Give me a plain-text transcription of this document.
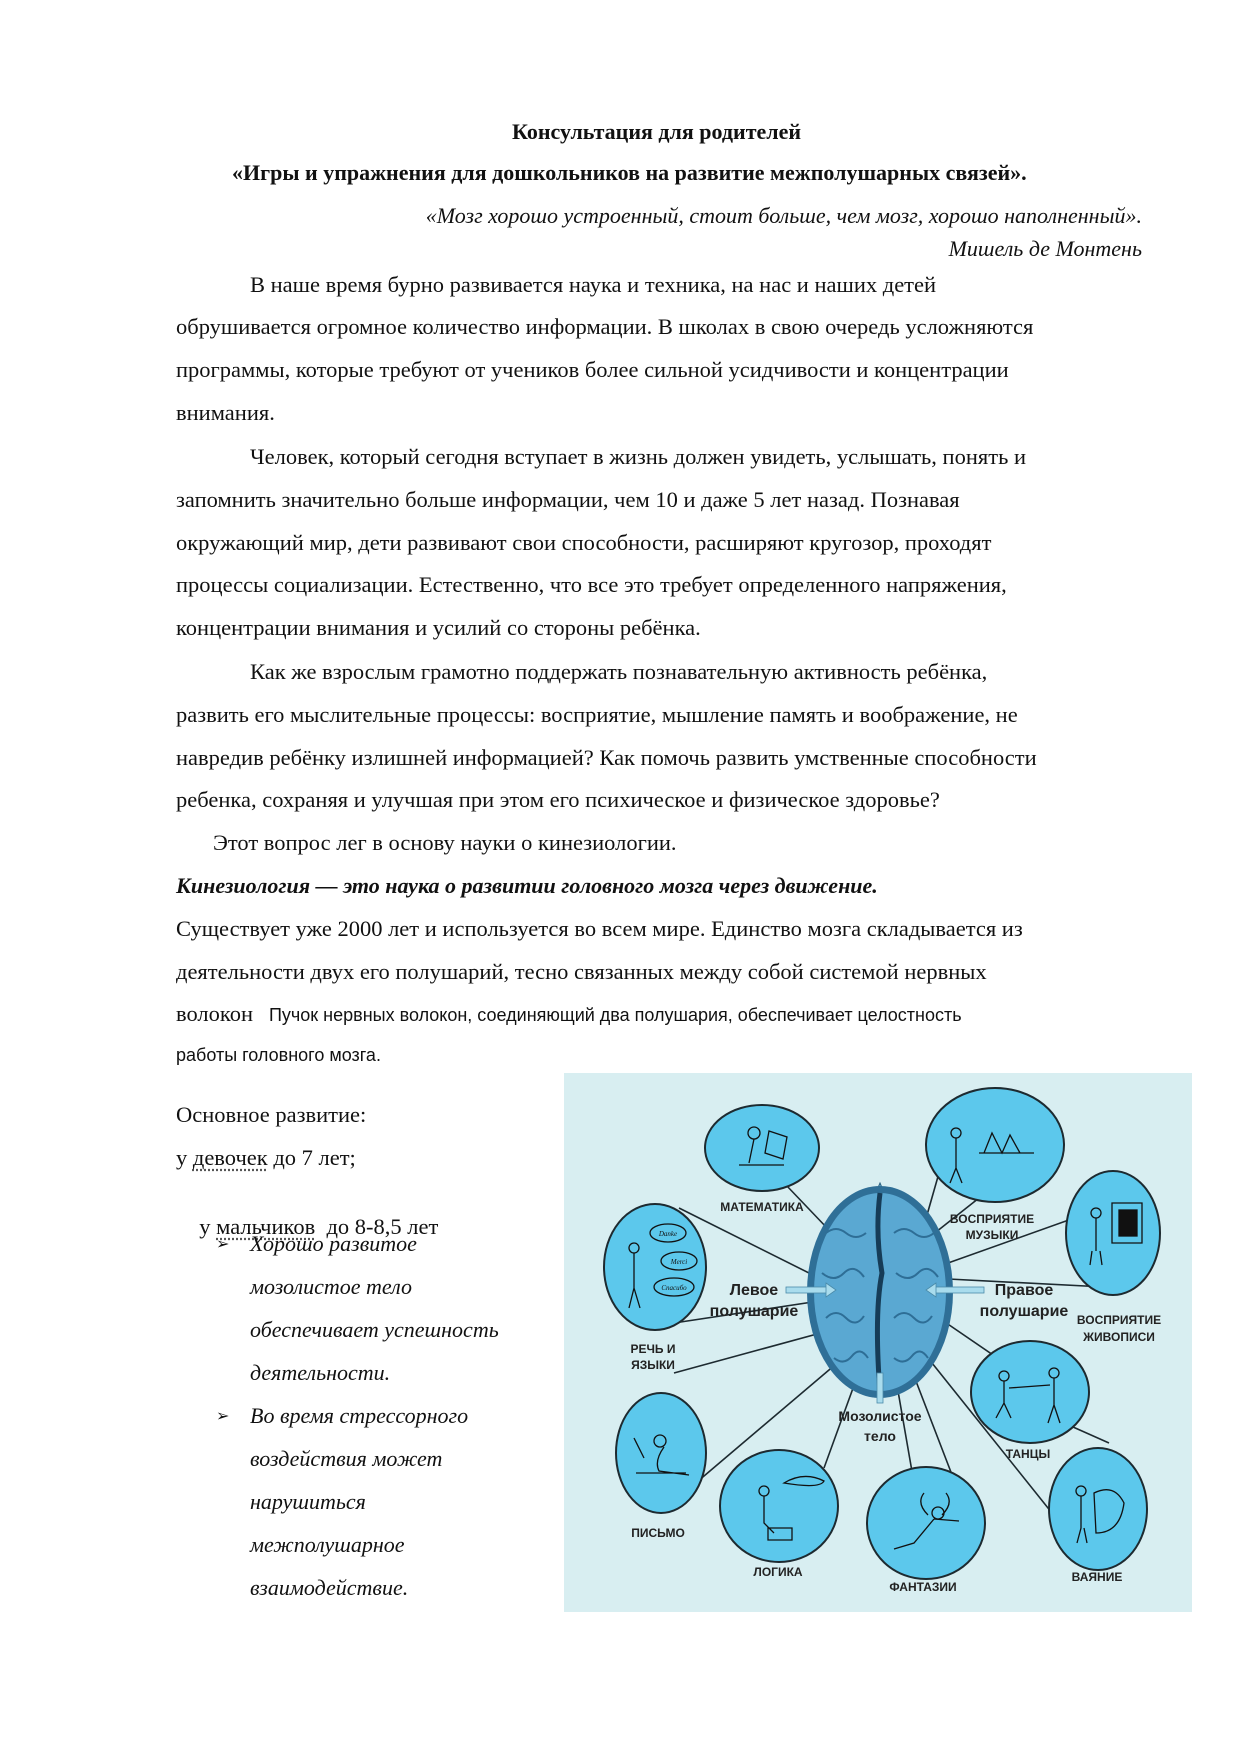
Консультация для родителей
«Игры и упражнения для дошкольников на развитие межполушарных связей».
«Мозг хорошо устроенный, стоит больше, чем мозг, хорошо наполненный».
Мишель де Монтень
В наше время бурно развивается наука и техника, на нас и наших детей
обрушивается огромное количество информации. В школах в свою очередь усложняются
программы, которые требуют от учеников более сильной усидчивости и концентрации
внимания.
Человек, который сегодня вступает в жизнь должен увидеть, услышать, понять и
запомнить значительно больше информации, чем 10 и даже 5 лет назад. Познавая
окружающий мир, дети развивают свои способности, расширяют кругозор, проходят
процессы социализации. Естественно, что все это требует определенного напряжения,
концентрации внимания и усилий со стороны ребёнка.
Как же взрослым грамотно поддержать познавательную активность ребёнка,
развить его мыслительные процессы: восприятие, мышление память и воображение, не
навредив ребёнку излишней информацией? Как помочь развить умственные способности
ребенка, сохраняя и улучшая при этом его психическое и физическое здоровье?
Этот вопрос лег в основу науки о кинезиологии.
Кинезиология — это наука о развитии головного мозга через движение.
Существует уже 2000 лет и используется во всем мире. Единство мозга складывается из
деятельности двух его полушарий, тесно связанных между собой системой нервных
волокон Пучок нервных волокон, соединяющий два полушария, обеспечивает целостность
работы головного мозга.
Основное развитие:
у девочек до 7 лет;

у мальчиков  до 8-8,5 лет

➢ Хорошо развитое
мозолистое тело
обеспечивает успешность
деятельности.
➢ Во время стрессорного
воздействия может
нарушиться
межполушарное
взаимодействие.
Danke
Merci
Спасибо
МАТЕМАТИКА
ВОСПРИЯТИЕ
МУЗЫКИ
ВОСПРИЯТИЕ
ЖИВОПИСИ
РЕЧЬ И
ЯЗЫКИ
ТАНЦЫ
ПИСЬМО
ЛОГИКА
ФАНТАЗИИ
ВАЯНИЕ
Левое
полушарие
Правое
полушарие
Мозолистое
тело
